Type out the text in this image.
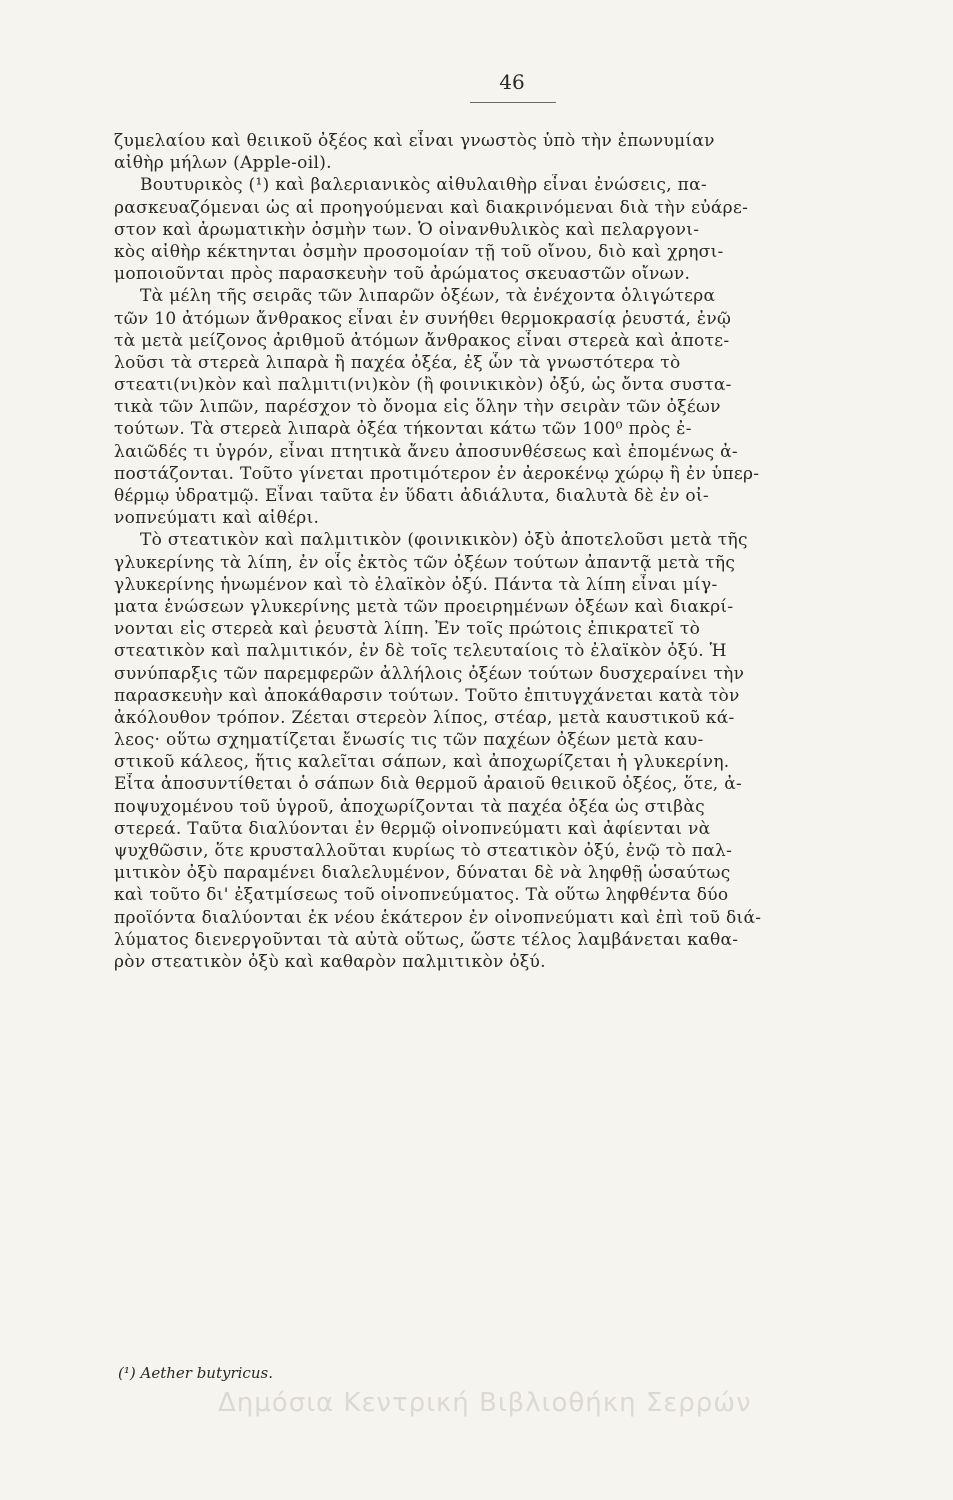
46
ζυμελαίου καὶ θειικοῦ ὀξέος καὶ εἶναι γνωστὸς ὑπὸ τὴν ἐπωνυμίαν
αἰθὴρ μήλων (Apple-oil).
Βουτυρικὸς (¹) καὶ βαλεριανικὸς αἰθυλαιθὴρ εἶναι ἐνώσεις, πα-
ρασκευαζόμεναι ὡς αἱ προηγούμεναι καὶ διακρινόμεναι διὰ τὴν εὐάρε-
στον καὶ ἀρωματικὴν ὀσμὴν των. Ὁ οἰνανθυλικὸς καὶ πελαργονι-
κὸς αἰθὴρ κέκτηνται ὀσμὴν προσομοίαν τῇ τοῦ οἴνου, διὸ καὶ χρησι-
μοποιοῦνται πρὸς παρασκευὴν τοῦ ἀρώματος σκευαστῶν οἴνων.
Τὰ μέλη τῆς σειρᾶς τῶν λιπαρῶν ὀξέων, τὰ ἐνέχοντα ὀλιγώτερα
τῶν 10 ἀτόμων ἄνθρακος εἶναι ἐν συνήθει θερμοκρασίᾳ ῥευστά, ἐνῷ
τὰ μετὰ μείζονος ἀριθμοῦ ἀτόμων ἄνθρακος εἶναι στερεὰ καὶ ἀποτε-
λοῦσι τὰ στερεὰ λιπαρὰ ἢ παχέα ὀξέα, ἐξ ὧν τὰ γνωστότερα τὸ
στεατι(νι)κὸν καὶ παλμιτι(νι)κὸν (ἢ φοινικικὸν) ὀξύ, ὡς ὄντα συστα-
τικὰ τῶν λιπῶν, παρέσχον τὸ ὄνομα εἰς ὅλην τὴν σειρὰν τῶν ὀξέων
τούτων. Τὰ στερεὰ λιπαρὰ ὀξέα τήκονται κάτω τῶν 100⁰ πρὸς ἐ-
λαιῶδές τι ὑγρόν, εἶναι πτητικὰ ἄνευ ἀποσυνθέσεως καὶ ἐπομένως ἀ-
ποστάζονται. Τοῦτο γίνεται προτιμότερον ἐν ἀεροκένῳ χώρῳ ἢ ἐν ὑπερ-
θέρμῳ ὑδρατμῷ. Εἶναι ταῦτα ἐν ὕδατι ἀδιάλυτα, διαλυτὰ δὲ ἐν οἰ-
νοπνεύματι καὶ αἰθέρι.
Τὸ στεατικὸν καὶ παλμιτικὸν (φοινικικὸν) ὀξὺ ἀποτελοῦσι μετὰ τῆς
γλυκερίνης τὰ λίπη, ἐν οἷς ἐκτὸς τῶν ὀξέων τούτων ἀπαντᾷ μετὰ τῆς
γλυκερίνης ἡνωμένον καὶ τὸ ἐλαϊκὸν ὀξύ. Πάντα τὰ λίπη εἶναι μίγ-
ματα ἑνώσεων γλυκερίνης μετὰ τῶν προειρημένων ὀξέων καὶ διακρί-
νονται εἰς στερεὰ καὶ ῥευστὰ λίπη. Ἐν τοῖς πρώτοις ἐπικρατεῖ τὸ
στεατικὸν καὶ παλμιτικόν, ἐν δὲ τοῖς τελευταίοις τὸ ἐλαϊκὸν ὀξύ. Ἡ
συνύπαρξις τῶν παρεμφερῶν ἀλλήλοις ὀξέων τούτων δυσχεραίνει τὴν
παρασκευὴν καὶ ἀποκάθαρσιν τούτων. Τοῦτο ἐπιτυγχάνεται κατὰ τὸν
ἀκόλουθον τρόπον. Ζέεται στερεὸν λίπος, στέαρ, μετὰ καυστικοῦ κά-
λεος· οὕτω σχηματίζεται ἔνωσίς τις τῶν παχέων ὀξέων μετὰ καυ-
στικοῦ κάλεος, ἥτις καλεῖται σάπων, καὶ ἀποχωρίζεται ἡ γλυκερίνη.
Εἶτα ἀποσυντίθεται ὁ σάπων διὰ θερμοῦ ἀραιοῦ θειικοῦ ὀξέος, ὅτε, ἀ-
ποψυχομένου τοῦ ὑγροῦ, ἀποχωρίζονται τὰ παχέα ὀξέα ὡς στιβὰς
στερεά. Ταῦτα διαλύονται ἐν θερμῷ οἰνοπνεύματι καὶ ἀφίενται νὰ
ψυχθῶσιν, ὅτε κρυσταλλοῦται κυρίως τὸ στεατικὸν ὀξύ, ἐνῷ τὸ παλ-
μιτικὸν ὀξὺ παραμένει διαλελυμένον, δύναται δὲ νὰ ληφθῇ ὡσαύτως
καὶ τοῦτο δι' ἐξατμίσεως τοῦ οἰνοπνεύματος. Τὰ οὕτω ληφθέντα δύο
προϊόντα διαλύονται ἐκ νέου ἑκάτερον ἐν οἰνοπνεύματι καὶ ἐπὶ τοῦ διά-
λύματος διενεργοῦνται τὰ αὐτὰ οὕτως, ὥστε τέλος λαμβάνεται καθα-
ρὸν στεατικὸν ὀξὺ καὶ καθαρὸν παλμιτικὸν ὀξύ.
(¹) Aether butyricus.
Δημόσια Κεντρική Βιβλιοθήκη Σερρών
